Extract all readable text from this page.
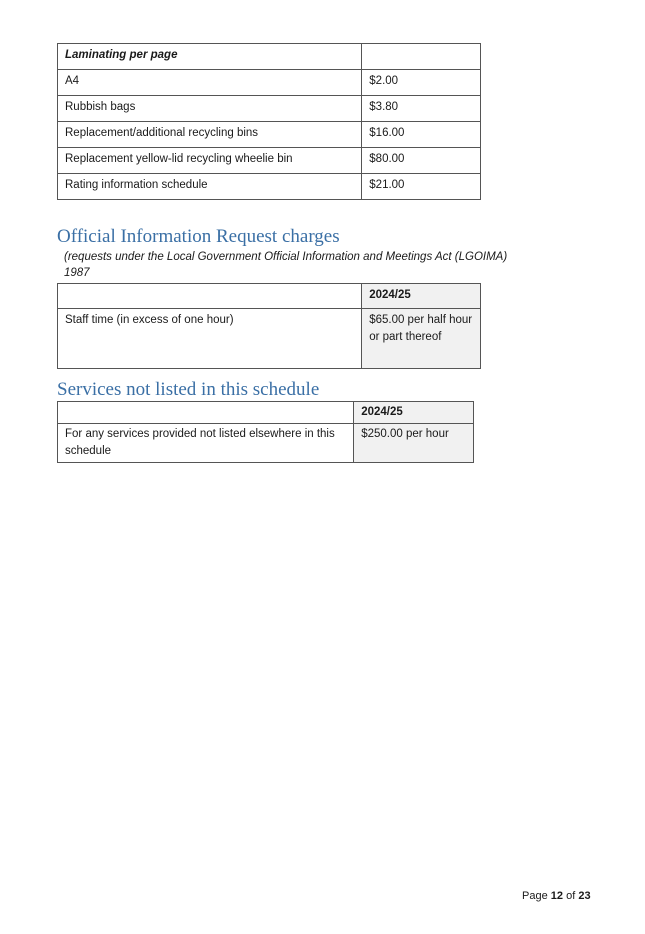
Laminating per page	
A4	$2.00
Rubbish bags	$3.80
Replacement/additional recycling bins	$16.00
Replacement yellow-lid recycling wheelie bin	$80.00
Rating information schedule	$21.00
Official Information Request charges

(requests under the Local Government Official Information and Meetings Act (LGOIMA) 1987

	2024/25
Staff time (in excess of one hour)	$65.00 per half hour or part thereof
Services not listed in this schedule
	2024/25
For any services provided not listed elsewhere in this schedule	$250.00 per hour
Page 12 of 23
